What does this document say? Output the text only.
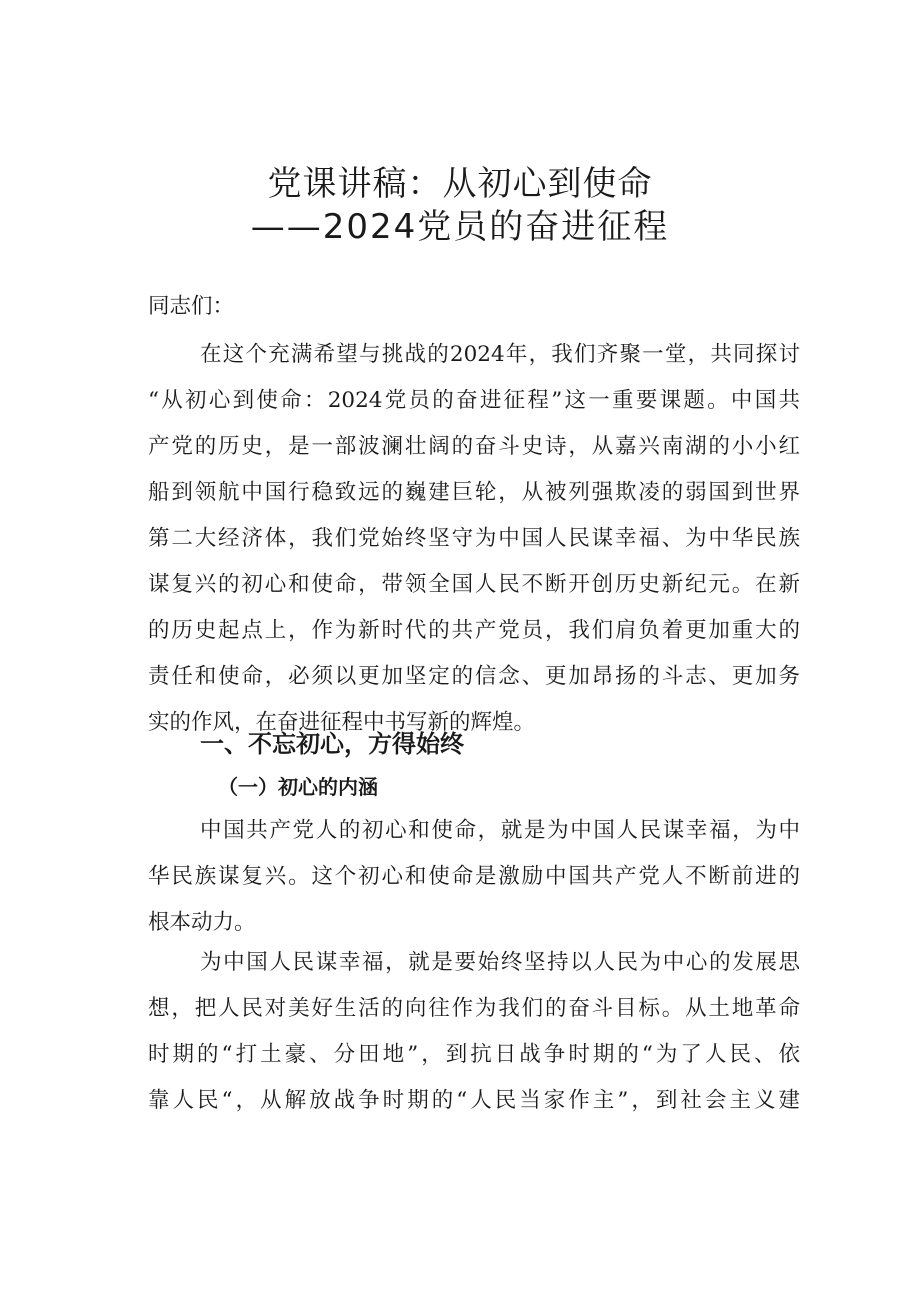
党课讲稿：从初心到使命
——2024党员的奋进征程

同志们：

在这个充满希望与挑战的2024年，我们齐聚一堂，共同探讨
“从初心到使命：2024党员的奋进征程”这一重要课题。中国共
产党的历史，是一部波澜壮阔的奋斗史诗，从嘉兴南湖的小小红
船到领航中国行稳致远的巍建巨轮，从被列强欺凌的弱国到世界
第二大经济体，我们党始终坚守为中国人民谋幸福、为中华民族
谋复兴的初心和使命，带领全国人民不断开创历史新纪元。在新
的历史起点上，作为新时代的共产党员，我们肩负着更加重大的
责任和使命，必须以更加坚定的信念、更加昂扬的斗志、更加务
实的作风，在奋进征程中书写新的辉煌。
一、不忘初心，方得始终
（一）初心的内涵
中国共产党人的初心和使命，就是为中国人民谋幸福，为中
华民族谋复兴。这个初心和使命是激励中国共产党人不断前进的
根本动力。
为中国人民谋幸福，就是要始终坚持以人民为中心的发展思
想，把人民对美好生活的向往作为我们的奋斗目标。从土地革命
时期的“打土豪、分田地”，到抗日战争时期的“为了人民、依
靠人民“，从解放战争时期的“人民当家作主”，到社会主义建
